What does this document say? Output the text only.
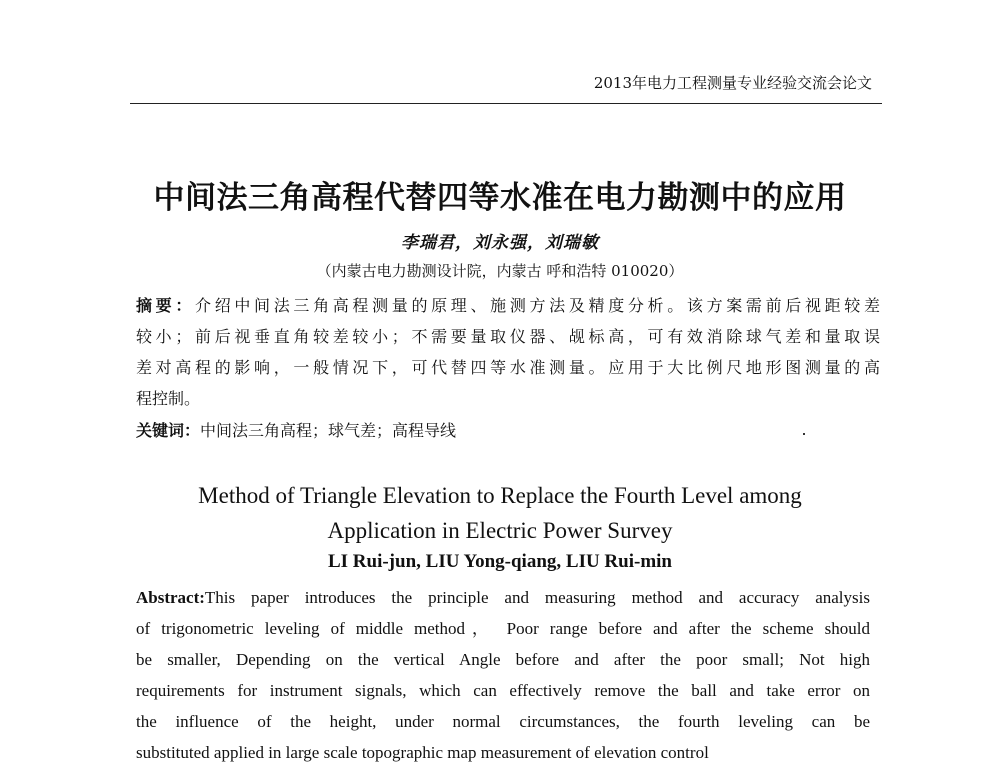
2013年电力工程测量专业经验交流会论文
中间法三角高程代替四等水准在电力勘测中的应用
李瑞君，刘永强，刘瑞敏
（内蒙古电力勘测设计院，内蒙古 呼和浩特 010020）
摘要：介绍中间法三角高程测量的原理、施测方法及精度分析。该方案需前后视距较差
较小；前后视垂直角较差较小；不需要量取仪器、觇标高，可有效消除球气差和量取误
差对高程的影响，一般情况下，可代替四等水准测量。应用于大比例尺地形图测量的高
程控制。
关键词：中间法三角高程；球气差；高程导线
Method of Triangle Elevation to Replace the Fourth Level among
Application in Electric Power Survey
LI Rui-jun, LIU Yong-qiang, LIU Rui-min
Abstract:This paper introduces the principle and measuring method and accuracy analysis
of trigonometric leveling of middle method， Poor range before and after the scheme should
be smaller, Depending on the vertical Angle before and after the poor small; Not high
requirements for instrument signals, which can effectively remove the ball and take error on
the influence of the height, under normal circumstances, the fourth leveling can be
substituted applied in large scale topographic map measurement of elevation control
